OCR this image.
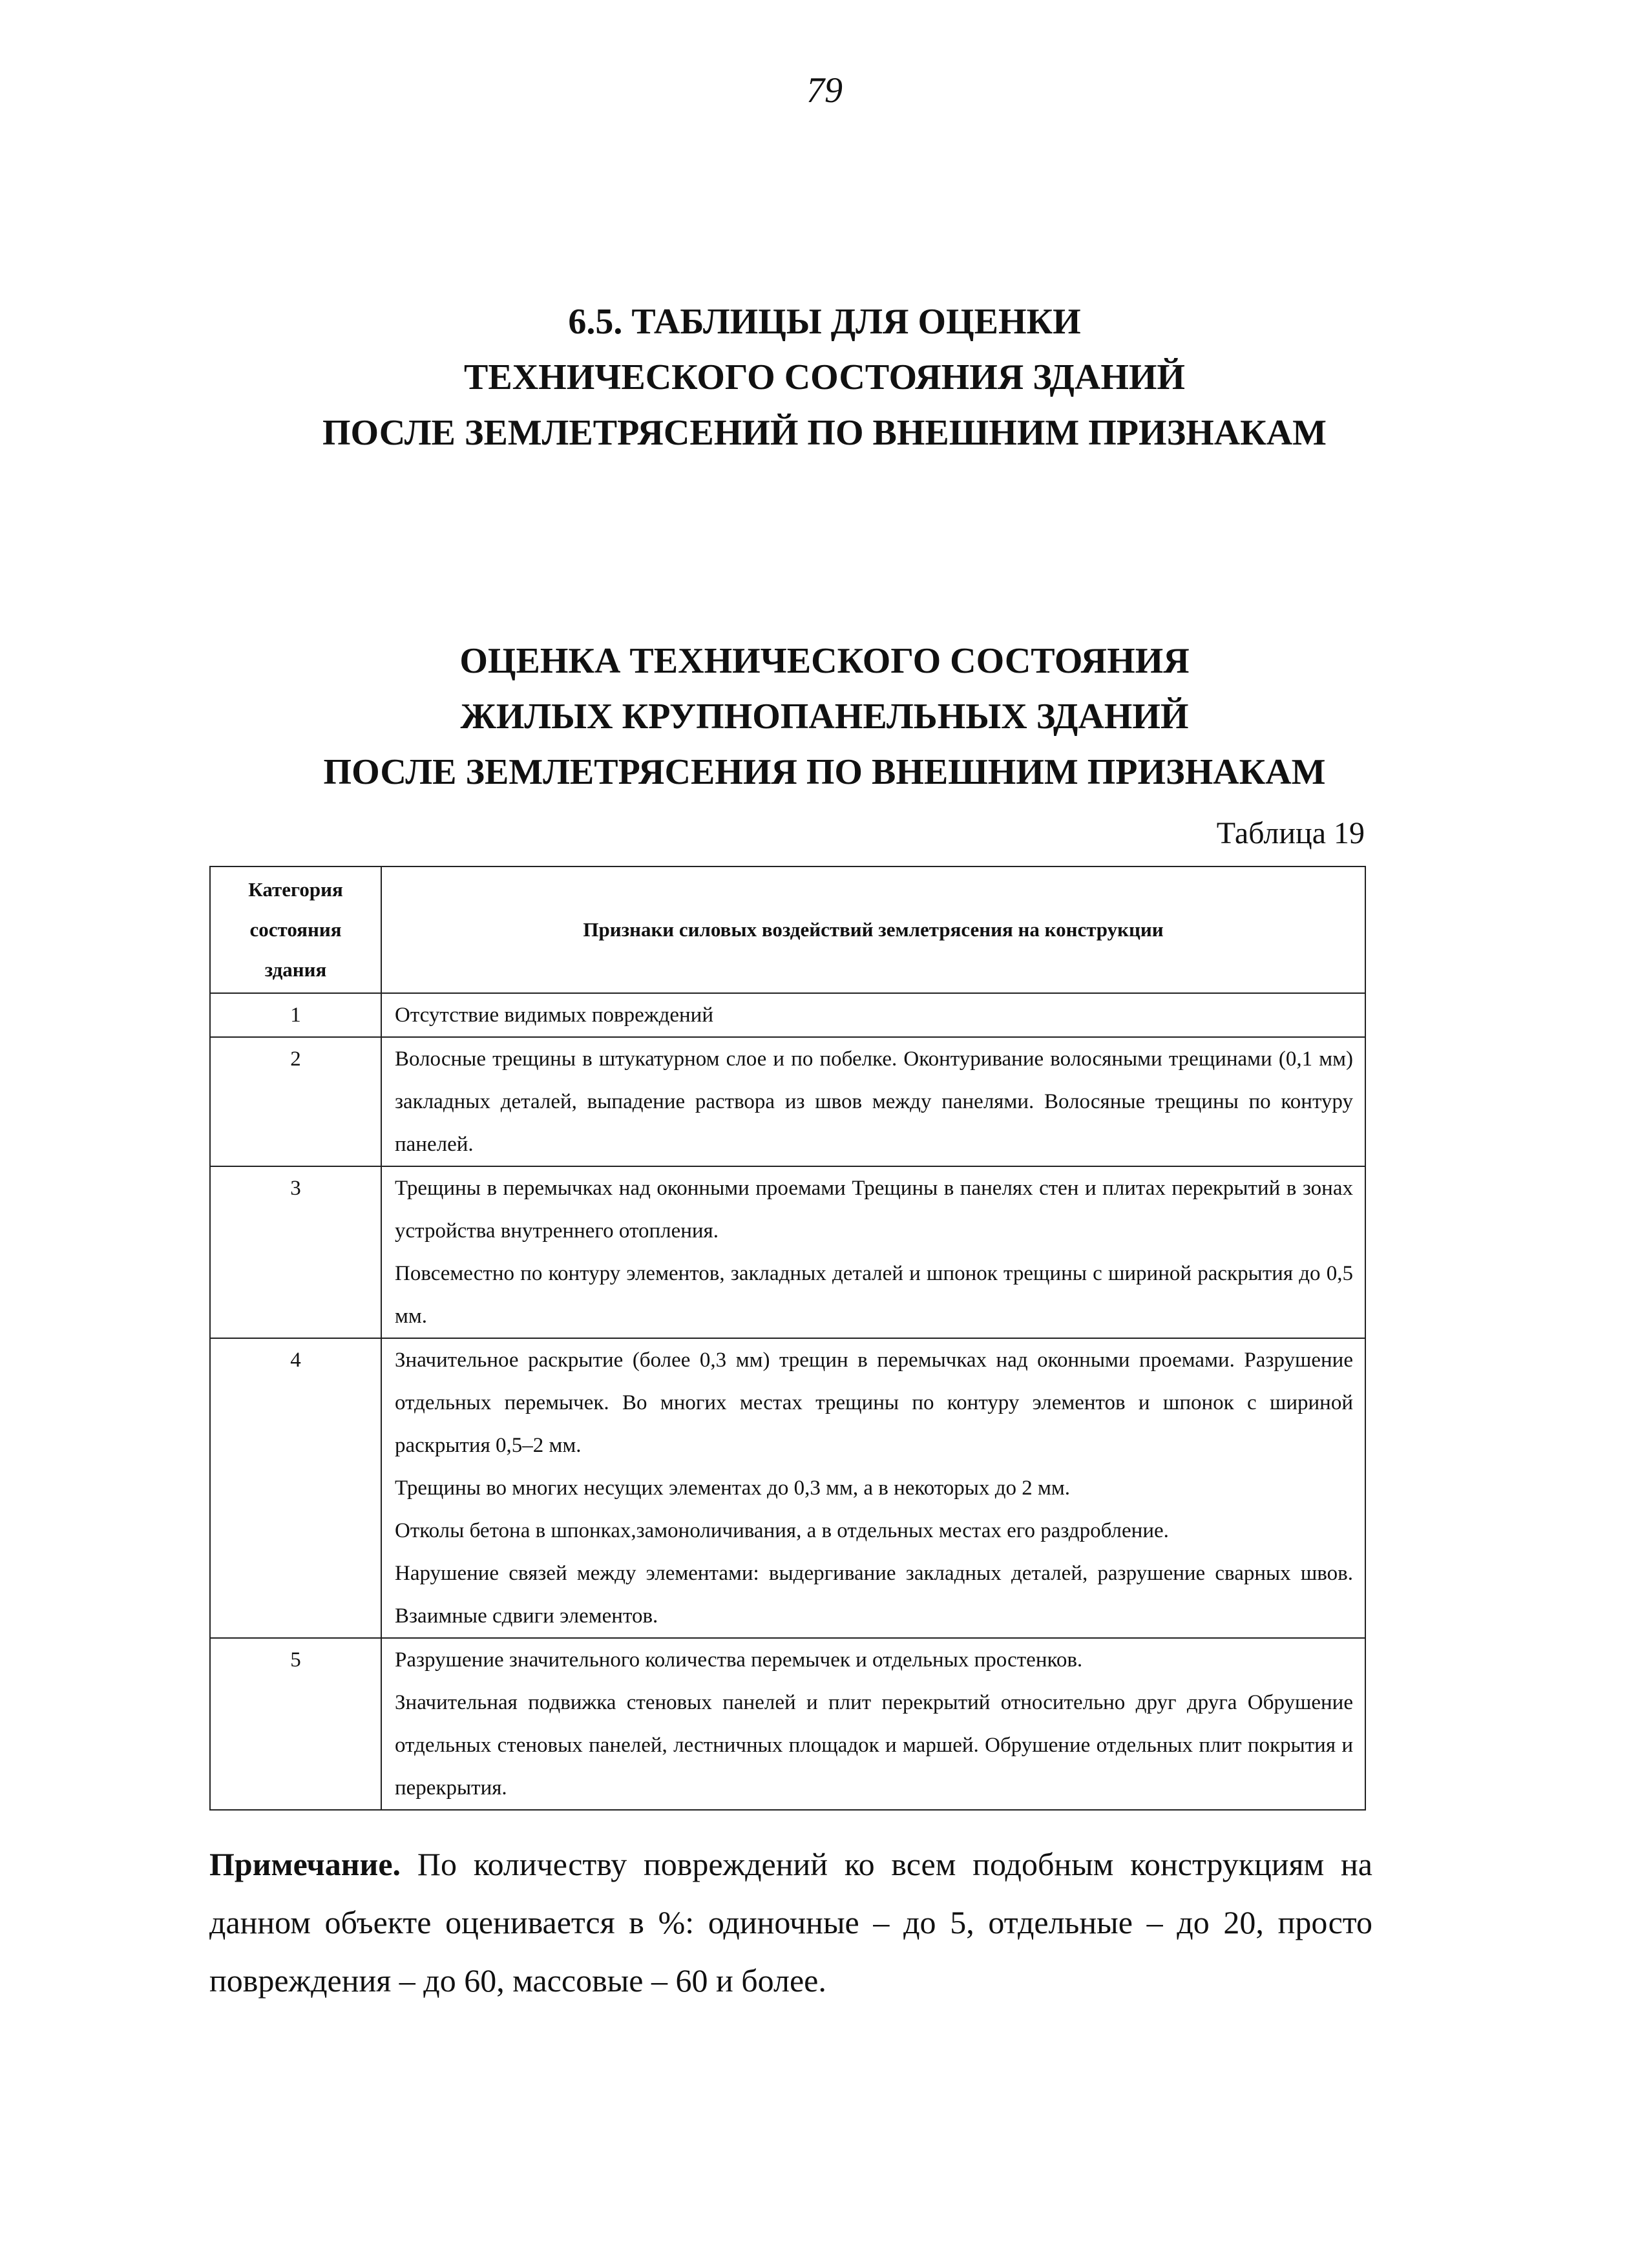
79
6.5. ТАБЛИЦЫ ДЛЯ ОЦЕНКИ
ТЕХНИЧЕСКОГО СОСТОЯНИЯ ЗДАНИЙ
ПОСЛЕ ЗЕМЛЕТРЯСЕНИЙ ПО ВНЕШНИМ ПРИЗНАКАМ
ОЦЕНКА ТЕХНИЧЕСКОГО СОСТОЯНИЯ
ЖИЛЫХ КРУПНОПАНЕЛЬНЫХ ЗДАНИЙ
ПОСЛЕ ЗЕМЛЕТРЯСЕНИЯ ПО ВНЕШНИМ ПРИЗНАКАМ
Таблица 19
Категория
состояния
здания	Признаки силовых воздействий землетрясения на конструкции
1	Отсутствие видимых повреждений

2	Волосные трещины в штукатурном слое и по побелке. Оконтуривание волосяными трещинами (0,1 мм) закладных деталей, выпадение раствора из швов между панелями. Волосяные трещины по контуру панелей.

3	Трещины в перемычках над оконными проемами Трещины в панелях стен и плитах перекрытий в зонах устройства внутреннего отопления.

Повсеместно по контуру элементов, закладных деталей и шпонок трещины с шириной раскрытия до 0,5 мм.

4	Значительное раскрытие (более 0,3 мм) трещин в перемычках над оконными проемами. Разрушение отдельных перемычек. Во многих местах трещины по контуру элементов и шпонок с шириной раскрытия 0,5–2 мм.

Трещины во многих несущих элементах до 0,3 мм, а в некоторых до 2 мм.

Отколы бетона в шпонках,замоноличивания, а в отдельных местах его раздробление.

Нарушение связей между элементами: выдергивание закладных деталей, разрушение сварных швов. Взаимные сдвиги элементов.

5	Разрушение значительного количества перемычек и отдельных простенков.

Значительная подвижка стеновых панелей и плит перекрытий относительно друг друга Обрушение отдельных стеновых панелей, лестничных площадок и маршей. Обрушение отдельных плит покрытия и перекрытия.

Примечание. По количеству повреждений ко всем подобным конструкциям на данном объекте оценивается в %: одиночные – до 5, отдельные – до 20, просто повреждения – до 60, массовые – 60 и более.
